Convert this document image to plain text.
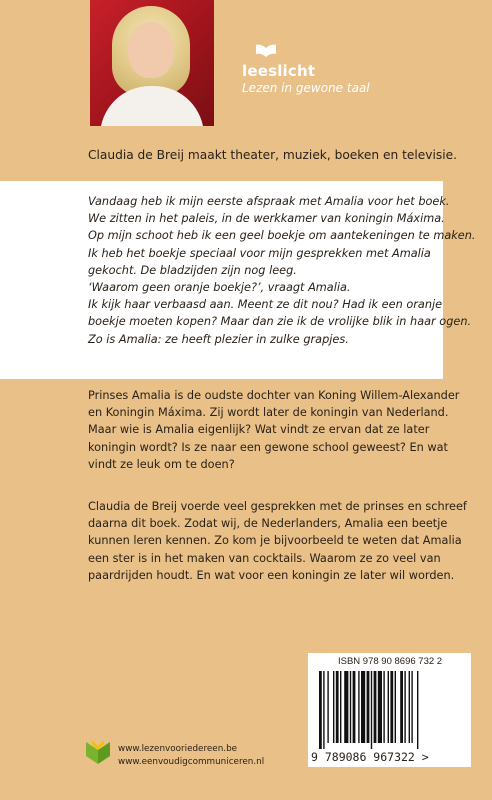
leeslicht
Lezen in gewone taal
Claudia de Breij maakt theater, muziek, boeken en televisie.
Vandaag heb ik mijn eerste afspraak met Amalia voor het boek.
We zitten in het paleis, in de werkkamer van koningin Máxima.
Op mijn schoot heb ik een geel boekje om aantekeningen te maken.
Ik heb het boekje speciaal voor mijn gesprekken met Amalia
gekocht. De bladzijden zijn nog leeg.
‘Waarom geen oranje boekje?’, vraagt Amalia.
Ik kijk haar verbaasd aan. Meent ze dit nou? Had ik een oranje
boekje moeten kopen? Maar dan zie ik de vrolijke blik in haar ogen.
Zo is Amalia: ze heeft plezier in zulke grapjes.
Prinses Amalia is de oudste dochter van Koning Willem-Alexander
en Koningin Máxima. Zij wordt later de koningin van Nederland.
Maar wie is Amalia eigenlijk? Wat vindt ze ervan dat ze later
koningin wordt? Is ze naar een gewone school geweest? En wat
vindt ze leuk om te doen?
Claudia de Breij voerde veel gesprekken met de prinses en schreef
daarna dit boek. Zodat wij, de Nederlanders, Amalia een beetje
kunnen leren kennen. Zo kom je bijvoorbeeld te weten dat Amalia
een ster is in het maken van cocktails. Waarom ze zo veel van
paardrijden houdt. En wat voor een koningin ze later wil worden.
ISBN 978 90 8696 732 2
9 789086 967322 >
www.lezenvooriedereen.be
www.eenvoudigcommuniceren.nl
